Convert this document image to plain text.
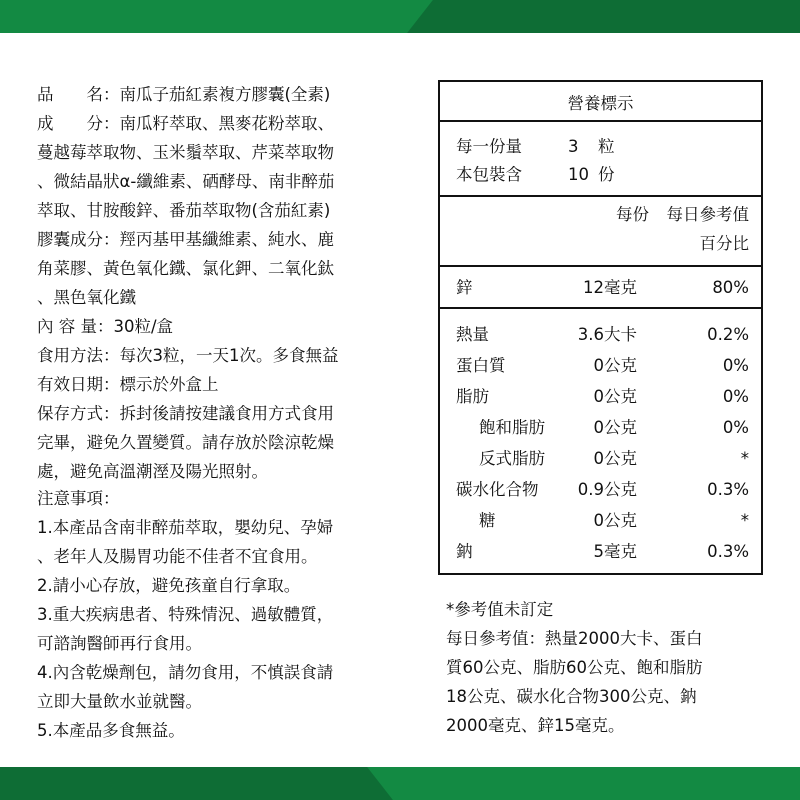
品　　名：南瓜子茄紅素複方膠囊(全素)
成　　分：南瓜籽萃取、黑麥花粉萃取、
蔓越莓萃取物、玉米鬚萃取、芹菜萃取物
、微結晶狀α-纖維素、硒酵母、南非醉茄
萃取、甘胺酸鋅、番茄萃取物(含茄紅素)
膠囊成分：羥丙基甲基纖維素、純水、鹿
角菜膠、黃色氧化鐵、氯化鉀、二氧化鈦
、黑色氧化鐵
內 容 量：30粒/盒
食用方法：每次3粒，一天1次。多食無益
有效日期：標示於外盒上
保存方式：拆封後請按建議食用方式食用
完畢，避免久置變質。請存放於陰涼乾燥
處，避免高溫潮溼及陽光照射。
注意事項：
1.本產品含南非醉茄萃取，嬰幼兒、孕婦
、老年人及腸胃功能不佳者不宜食用。
2.請小心存放，避免孩童自行拿取。
3.重大疾病患者、特殊情況、過敏體質，
可諮詢醫師再行食用。
4.內含乾燥劑包，請勿食用，不慎誤食請
立即大量飲水並就醫。
5.本產品多食無益。
營養標示
每一份量	3 粒
本包裝含	10 份
每份 每日參考值
百分比
鋅	12毫克	80%
熱量	3.6大卡	0.2%
蛋白質	0公克	0%
脂肪	0公克	0%
飽和脂肪	0公克	0%
反式脂肪	0公克	*
碳水化合物 0.9公克	0.3%
糖	0公克	*
鈉	5毫克	0.3%
*參考值未訂定
每日參考值：熱量2000大卡、蛋白
質60公克、脂肪60公克、飽和脂肪
18公克、碳水化合物300公克、鈉
2000毫克、鋅15毫克。
